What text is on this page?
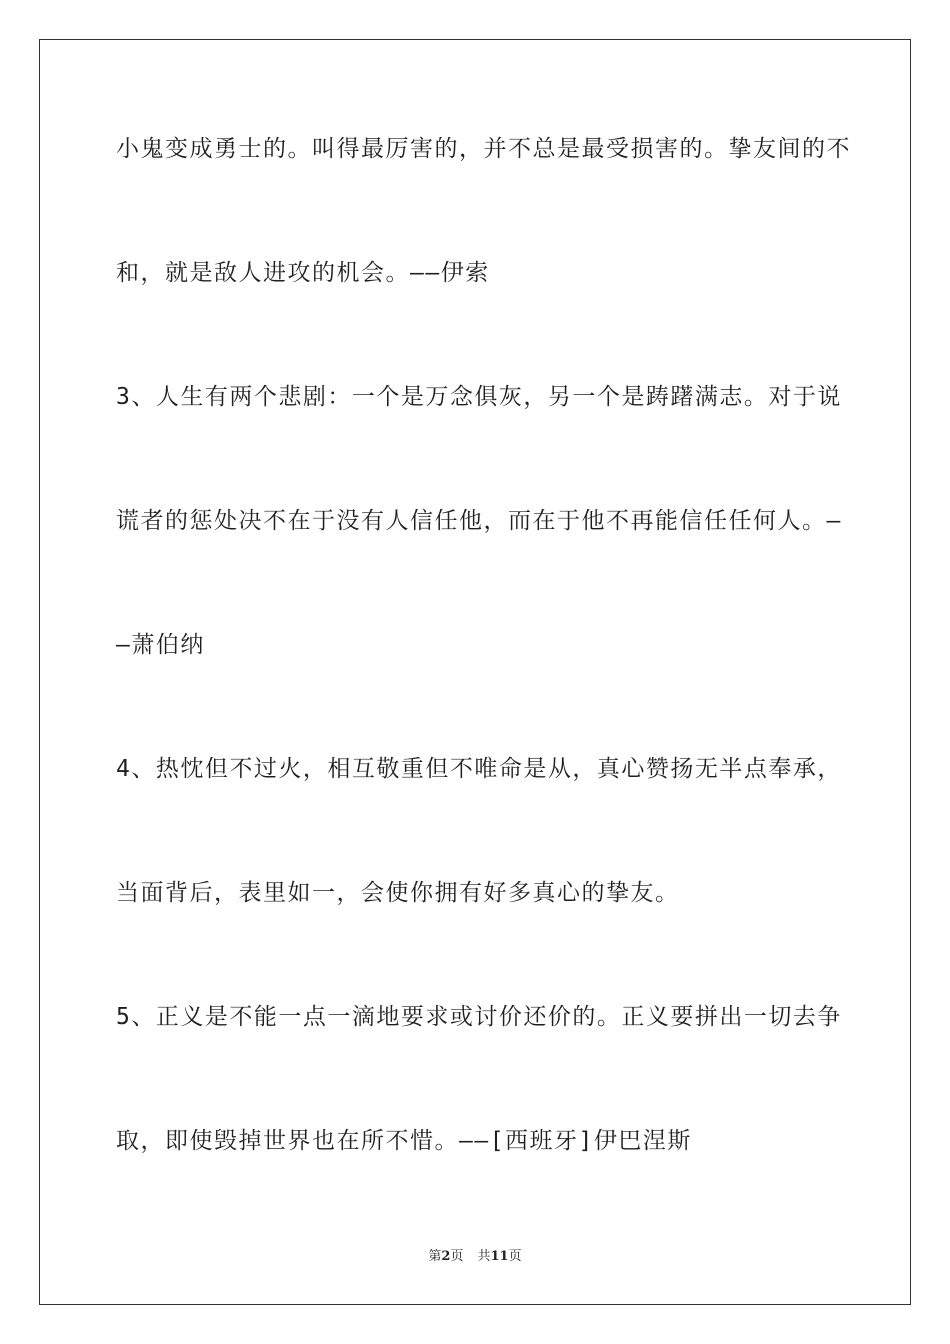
小鬼变成勇士的。叫得最厉害的，并不总是最受损害的。挚友间的不
和，就是敌人进攻的机会。——伊索
3、人生有两个悲剧：一个是万念俱灰，另一个是踌躇满志。对于说
谎者的惩处决不在于没有人信任他，而在于他不再能信任任何人。—
—萧伯纳
4、热忱但不过火，相互敬重但不唯命是从，真心赞扬无半点奉承，
当面背后，表里如一，会使你拥有好多真心的挚友。
5、正义是不能一点一滴地要求或讨价还价的。正义要拼出一切去争
取，即使毁掉世界也在所不惜。——[西班牙]伊巴涅斯
第2页 共11页
